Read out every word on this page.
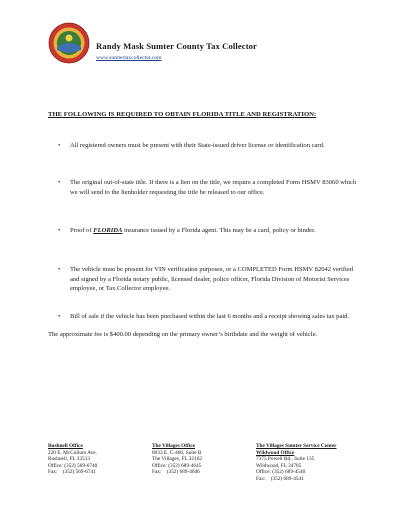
Randy Mask Sumter County Tax Collector
www.sumtertaxcollector.com
THE FOLLOWING IS REQUIRED TO OBTAIN FLORIDA TITLE AND REGISTRATION:
• All registered owners must be present with their State-issued driver license or identification card.
• The original out-of-state title. If there is a lien on the title, we require a completed Form HSMV 83060 which we will send to the lienholder requesting the title be released to our office.
• Proof of FLORIDA insurance issued by a Florida agent. This may be a card, policy or binder.
• The vehicle must be present for VIN verification purposes, or a COMPLETED Form HSMV 82042 verified and signed by a Florida notary public, licensed dealer, police officer, Florida Division of Motorist Services employee, or Tax Collector employee.
• Bill of sale if the vehicle has been purchased within the last 6 months and a receipt showing sales tax paid.
The approximate fee is $400.00 depending on the primary owner’s birthdate and the weight of vehicle.
Bushnell Office
220 E. McCollum Ave.
Bushnell, FL 33513
Office: (352) 569-6740
Fax:    (352) 569-6741
The Villages Office
8033 E. C-466, Suite B
The Villages, FL 32162
Office: (352) 689-4645
Fax:    (352) 689-4646
The Villages Sumter Service Center
Wildwood Office
7375 Powell Rd., Suite 135
Wildwood, FL 34785
Office: (352) 689-4540
Fax:    (352) 689-4541
